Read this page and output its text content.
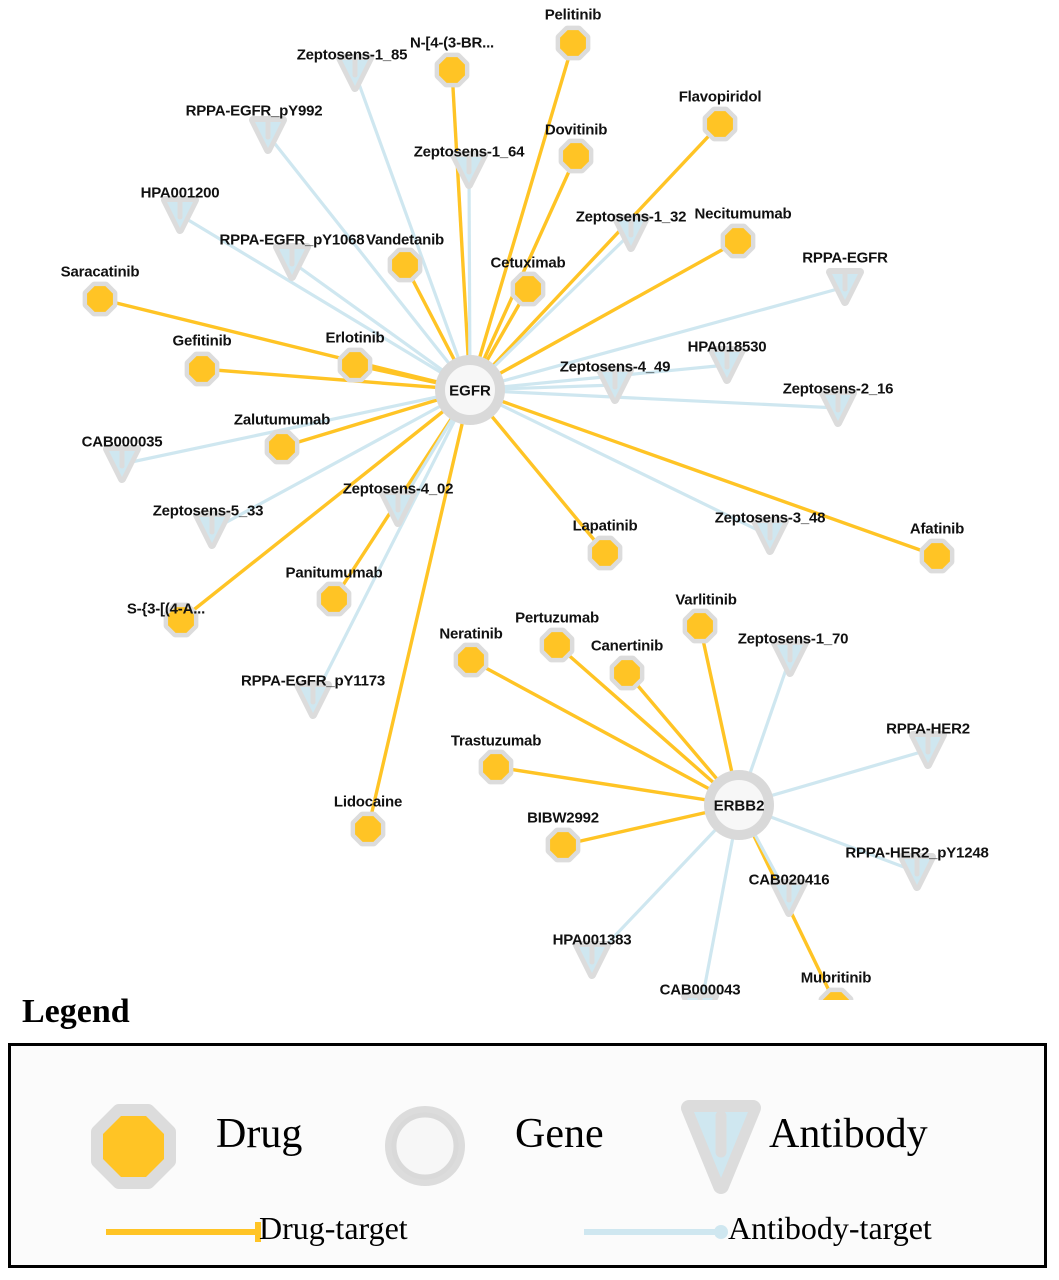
Pelitinib
N-[4-(3-BR...
Flavopiridol
Dovitinib
Necitumumab
Vandetanib
Cetuximab
Saracatinib
Gefitinib	Erlotinib
Zalutumumab
Afatinib
Lapatinib
Varlitinib
Panitumumab
S-{3-[(4-A...
Pertuzumab
Canertinib
Neratinib
Trastuzumab
Lidocaine
BIBW2992
Mubritinib
Zeptosens-1_85
RPPA-EGFR_pY992
Zeptosens-1_64
HPA001200
Zeptosens-1_32
RPPA-EGFR_pY1068
RPPA-EGFR
HPA018530
Zeptosens-4_49
Zeptosens-2_16
CAB000035
Zeptosens-5_33
Zeptosens-4_02
Zeptosens-3_48
RPPA-EGFR_pY1173
Zeptosens-1_70
RPPA-HER2
RPPA-HER2_pY1248
CAB020416
HPA001383
CAB000043
EGFR
ERBB2
Legend
Drug	Gene	Antibody
Drug-target	Antibody-target
